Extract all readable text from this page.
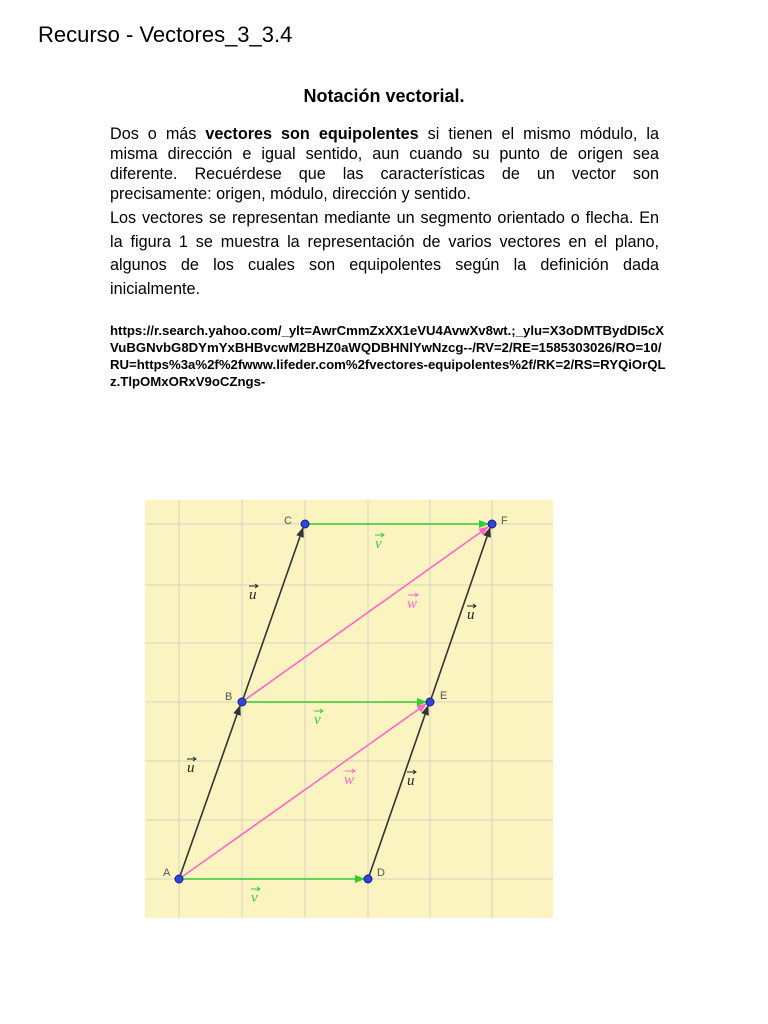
Recurso - Vectores_3_3.4
Notación vectorial.
Dos o más vectores son equipolentes si tienen el mismo módulo, la misma dirección e igual sentido, aun cuando su punto de origen sea diferente. Recuérdese que las características de un vector son precisamente: origen, módulo, dirección y sentido.
Los vectores se representan mediante un segmento orientado o flecha. En la figura 1 se muestra la representación de varios vectores en el plano, algunos de los cuales son equipolentes según la definición dada inicialmente.
https://r.search.yahoo.com/_ylt=AwrCmmZxXX1eVU4AvwXv8wt.;_ylu=X3oDMTBydDI5cXVuBGNvbG8DYmYxBHBvcwM2BHZ0aWQDBHNlYwNzcg--/RV=2/RE=1585303026/RO=10/RU=https%3a%2f%2fwww.lifeder.com%2fvectores-equipolentes%2f/RK=2/RS=RYQiOrQLz.TlpOMxORxV9oCZngs-
A
B
C
D
E
F
u
u
u
u
v
v
v
w
w
